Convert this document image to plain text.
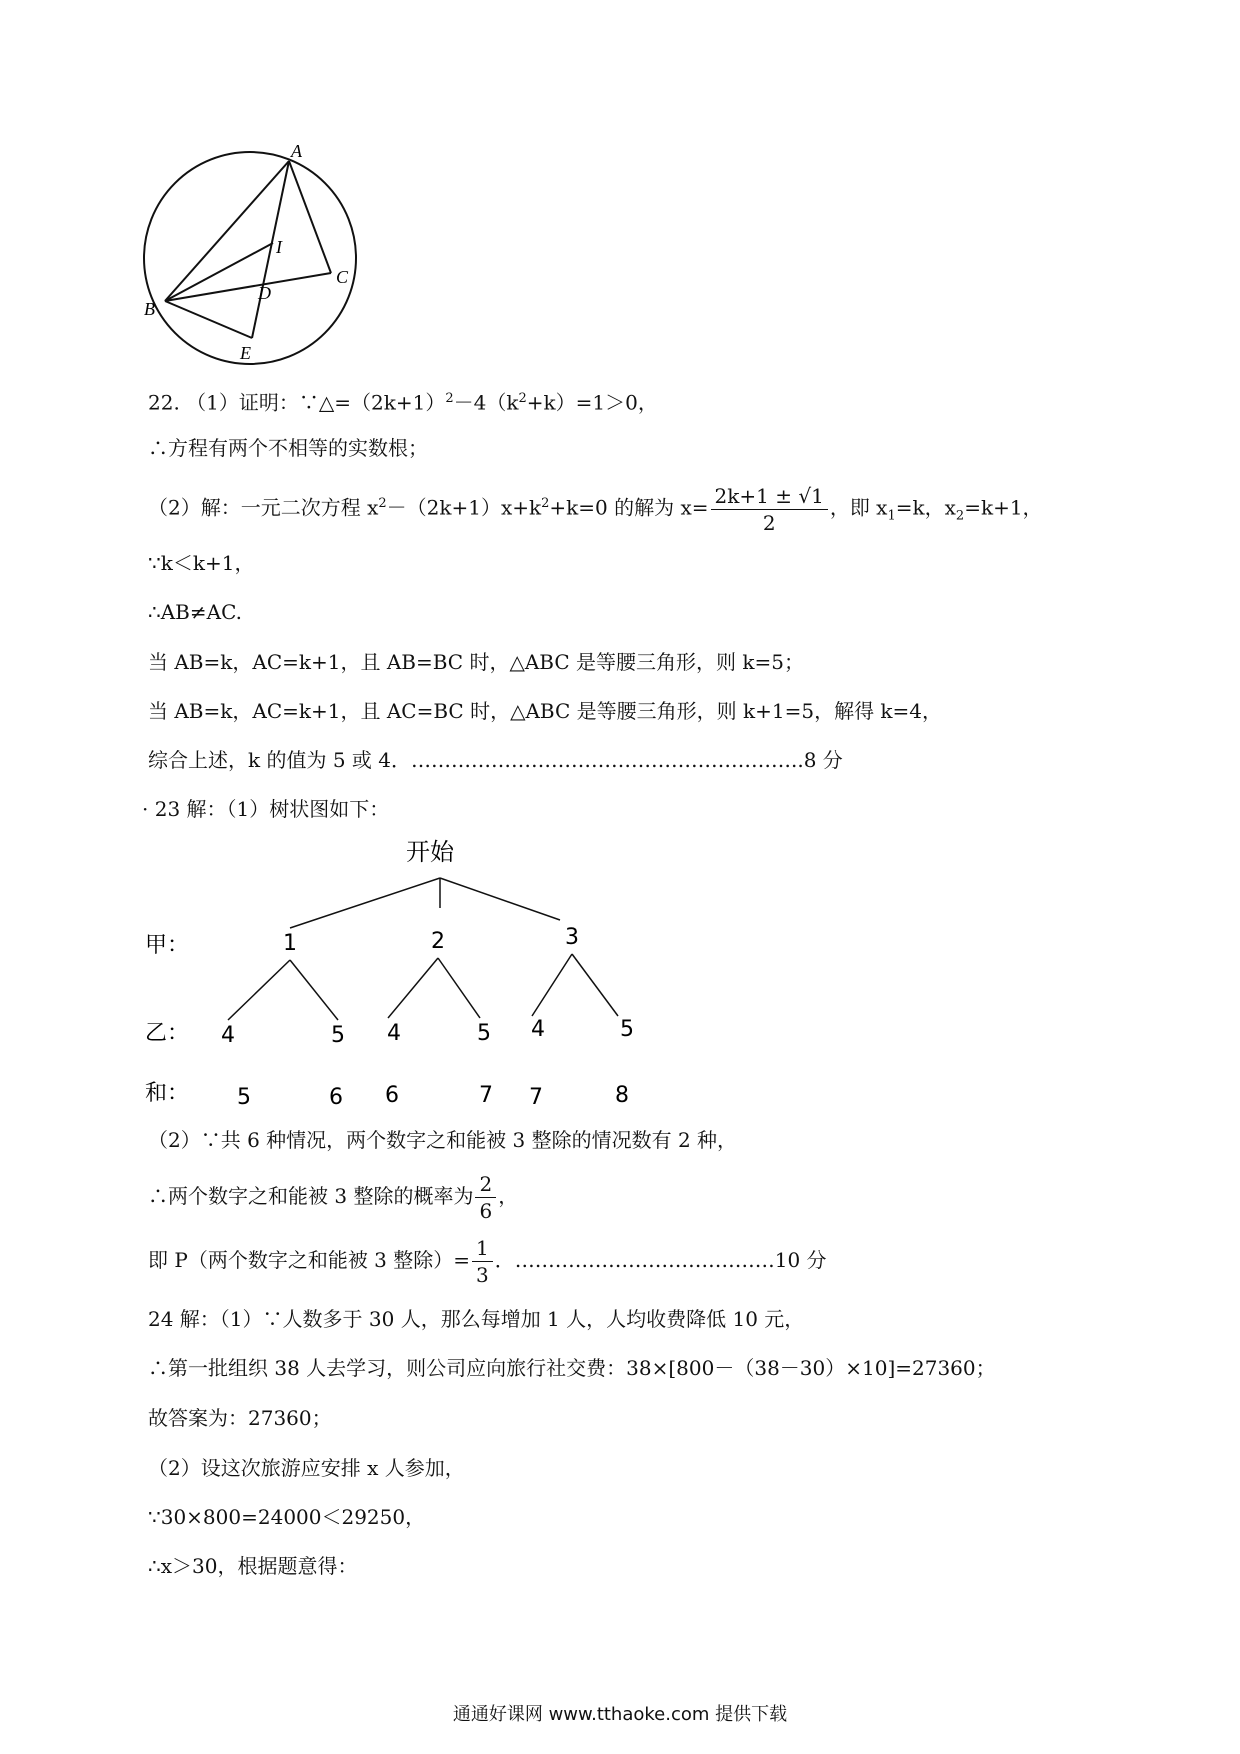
A
B
C
D
E
I
22. （1）证明：$\because\triangle=(2k+1)^2-4(k^2+k)=1>0$，
∴方程有两个不相等的实数根；
（2）解：一元二次方程 $x^2-(2k+1)x+k^2+k=0$ 的解为 $x= \frac{2k+1 \pm √1}{2}$ ，即 $x_1=k$，$x_2=k+1$，
∵k＜k+1，
∴AB≠AC.
当 AB=k，AC=k+1，且 AB=BC 时，△ABC 是等腰三角形，则 k=5；
当 AB=k，AC=k+1，且 AC=BC 时，△ABC 是等腰三角形，则 k+1=5，解得 k=4，
综合上述，k 的值为 5 或 4．…………………………………………………..8 分
· 23 解：（1）树状图如下：
开始
甲：
乙：
和：
1	2	3
4	5 4	5 4	5
5	6 6	7 7	8
（2）∵共 6 种情况，两个数字之和能被 3 整除的情况数有 2 种，
∴两个数字之和能被 3 整除的概率为 $\frac{2}{6}$ ，
即 P（两个数字之和能被 3 整除）= $\frac{1}{3}$ ．…………………………………10 分
24 解：（1）∵人数多于 30 人，那么每增加 1 人，人均收费降低 10 元，
∴第一批组织 38 人去学习，则公司应向旅行社交费：38×[800－（38－30）×10]=27360；
故答案为：27360；
（2）设这次旅游应安排 x 人参加，
∵30×800=24000＜29250，
∴x＞30，根据题意得：
通通好课网 www.tthaoke.com 提供下载
